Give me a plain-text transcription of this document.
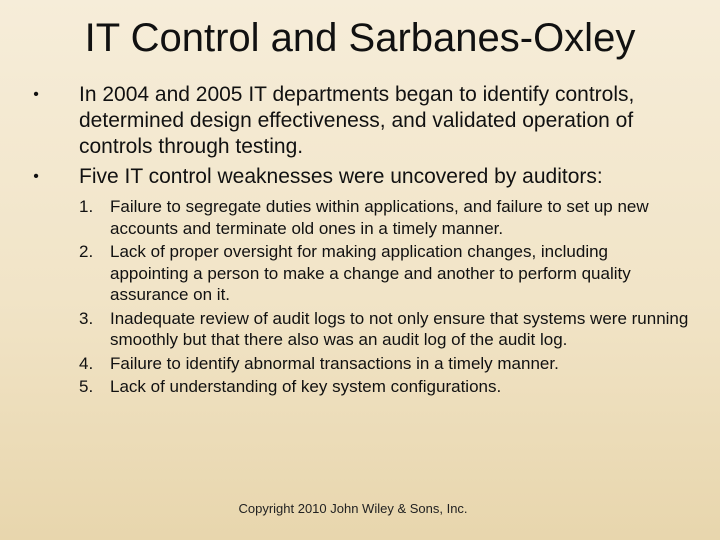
IT Control and Sarbanes-Oxley
• In 2004 and 2005 IT departments began to identify controls, determined design effectiveness, and validated operation of controls through testing.
• Five IT control weaknesses were uncovered by auditors:
1. Failure to segregate duties within applications, and failure to set up new accounts and terminate old ones in a timely manner.
2. Lack of proper oversight for making application changes, including appointing a person to make a change and another to perform quality assurance on it.
3. Inadequate review of audit logs to not only ensure that systems were running smoothly but that there also was an audit log of the audit log.
4. Failure to identify abnormal transactions in a timely manner.
5. Lack of understanding of key system configurations.
Copyright 2010 John Wiley & Sons, Inc.
